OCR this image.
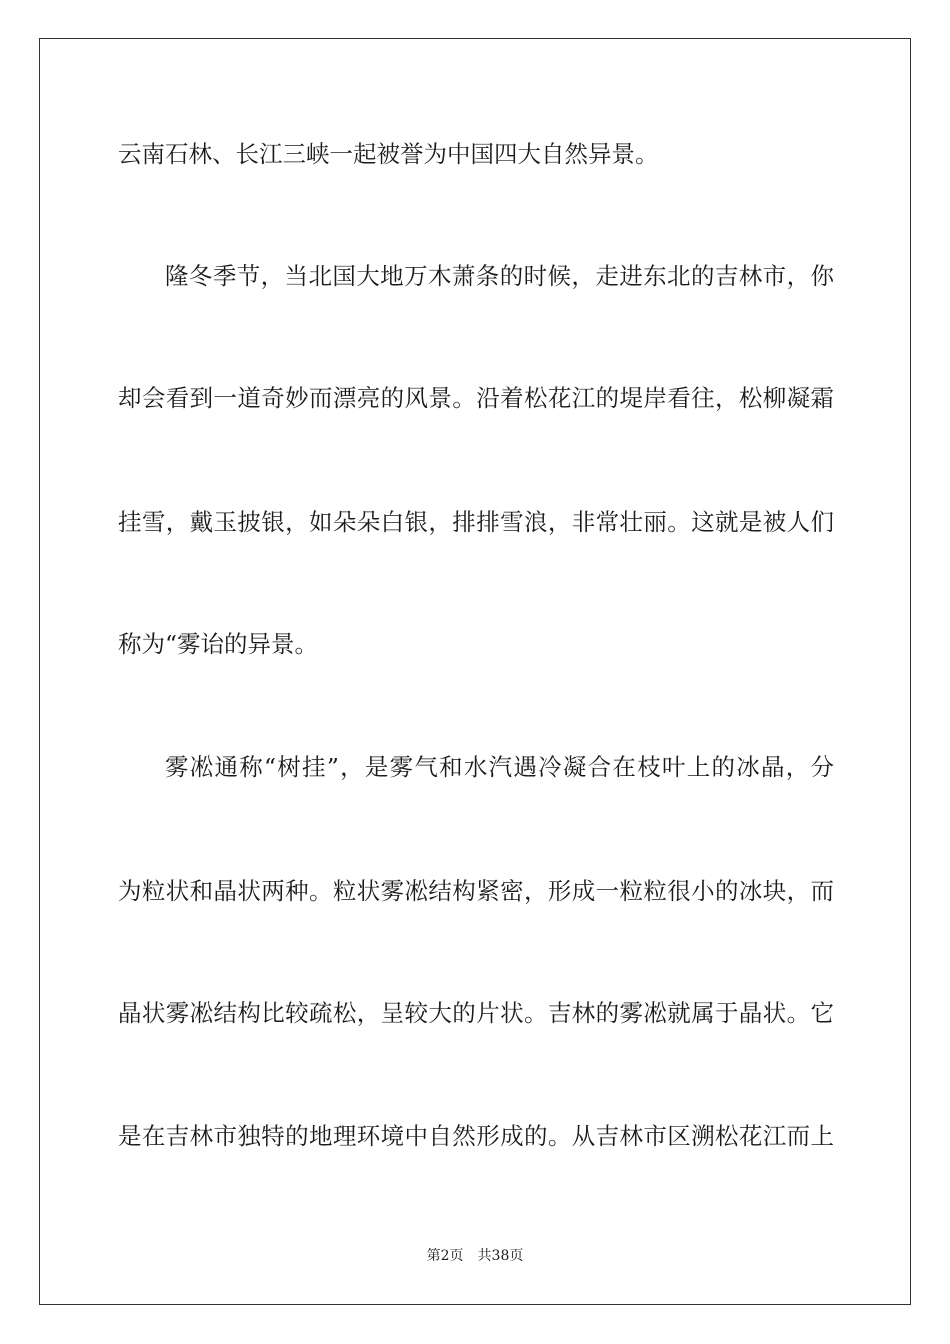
云南石林、长江三峡一起被誉为中国四大自然异景。
隆冬季节，当北国大地万木萧条的时候，走进东北的吉林市，你
却会看到一道奇妙而漂亮的风景。沿着松花江的堤岸看往，松柳凝霜
挂雪，戴玉披银，如朵朵白银，排排雪浪，非常壮丽。这就是被人们
称为“雾诒的异景。
雾凇通称“树挂”，是雾气和水汽遇冷凝合在枝叶上的冰晶，分
为粒状和晶状两种。粒状雾凇结构紧密，形成一粒粒很小的冰块，而
晶状雾凇结构比较疏松，呈较大的片状。吉林的雾凇就属于晶状。它
是在吉林市独特的地理环境中自然形成的。从吉林市区溯松花江而上
第2页 共38页
